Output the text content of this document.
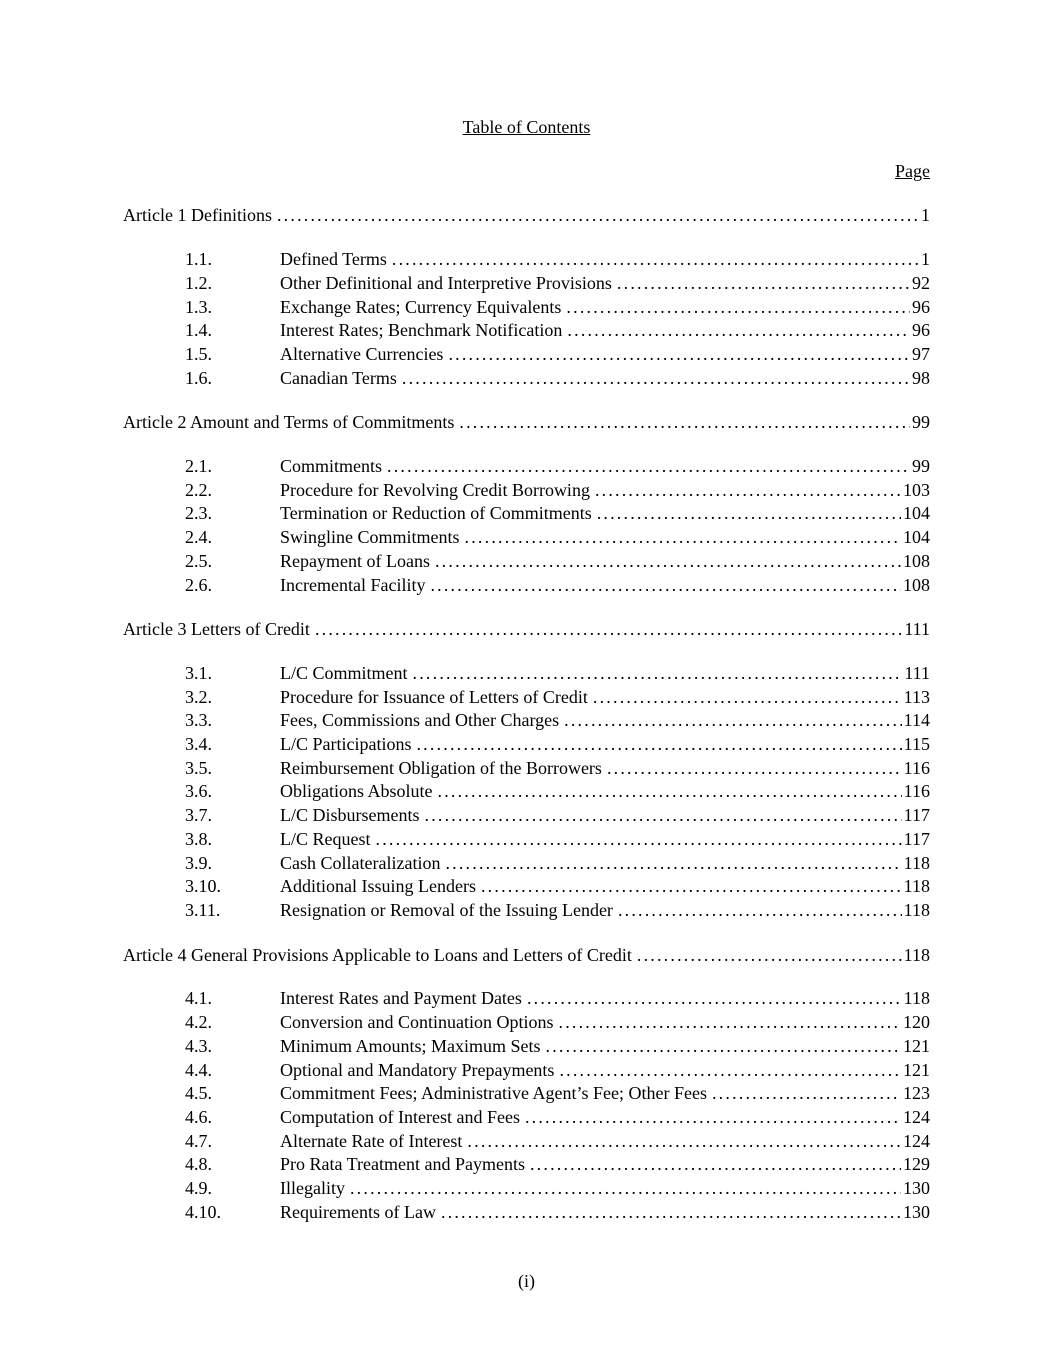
Table of Contents
Page
Article 1 Definitions .....	1
1.1.	Defined Terms .....	1
1.2.	Other Definitional and Interpretive Provisions .....	92
1.3.	Exchange Rates; Currency Equivalents .....	96
1.4.	Interest Rates; Benchmark Notification .....	96
1.5.	Alternative Currencies .....	97
1.6.	Canadian Terms .....	98
Article 2 Amount and Terms of Commitments .....	99
2.1.	Commitments .....	99
2.2.	Procedure for Revolving Credit Borrowing .....	103
2.3.	Termination or Reduction of Commitments .....	104
2.4.	Swingline Commitments .....	104
2.5.	Repayment of Loans .....	108
2.6.	Incremental Facility .....	108
Article 3 Letters of Credit .....	111
3.1.	L/C Commitment .....	111
3.2.	Procedure for Issuance of Letters of Credit .....	113
3.3.	Fees, Commissions and Other Charges .....	114
3.4.	L/C Participations .....	115
3.5.	Reimbursement Obligation of the Borrowers .....	116
3.6.	Obligations Absolute .....	116
3.7.	L/C Disbursements .....	117
3.8.	L/C Request .....	117
3.9.	Cash Collateralization .....	118
3.10.	Additional Issuing Lenders .....	118
3.11.	Resignation or Removal of the Issuing Lender .....	118
Article 4 General Provisions Applicable to Loans and Letters of Credit .....	118
4.1.	Interest Rates and Payment Dates .....	118
4.2.	Conversion and Continuation Options .....	120
4.3.	Minimum Amounts; Maximum Sets .....	121
4.4.	Optional and Mandatory Prepayments .....	121
4.5.	Commitment Fees; Administrative Agent’s Fee; Other Fees .....	123
4.6.	Computation of Interest and Fees .....	124
4.7.	Alternate Rate of Interest .....	124
4.8.	Pro Rata Treatment and Payments .....	129
4.9.	Illegality .....	130
4.10.	Requirements of Law .....	130
(i)
